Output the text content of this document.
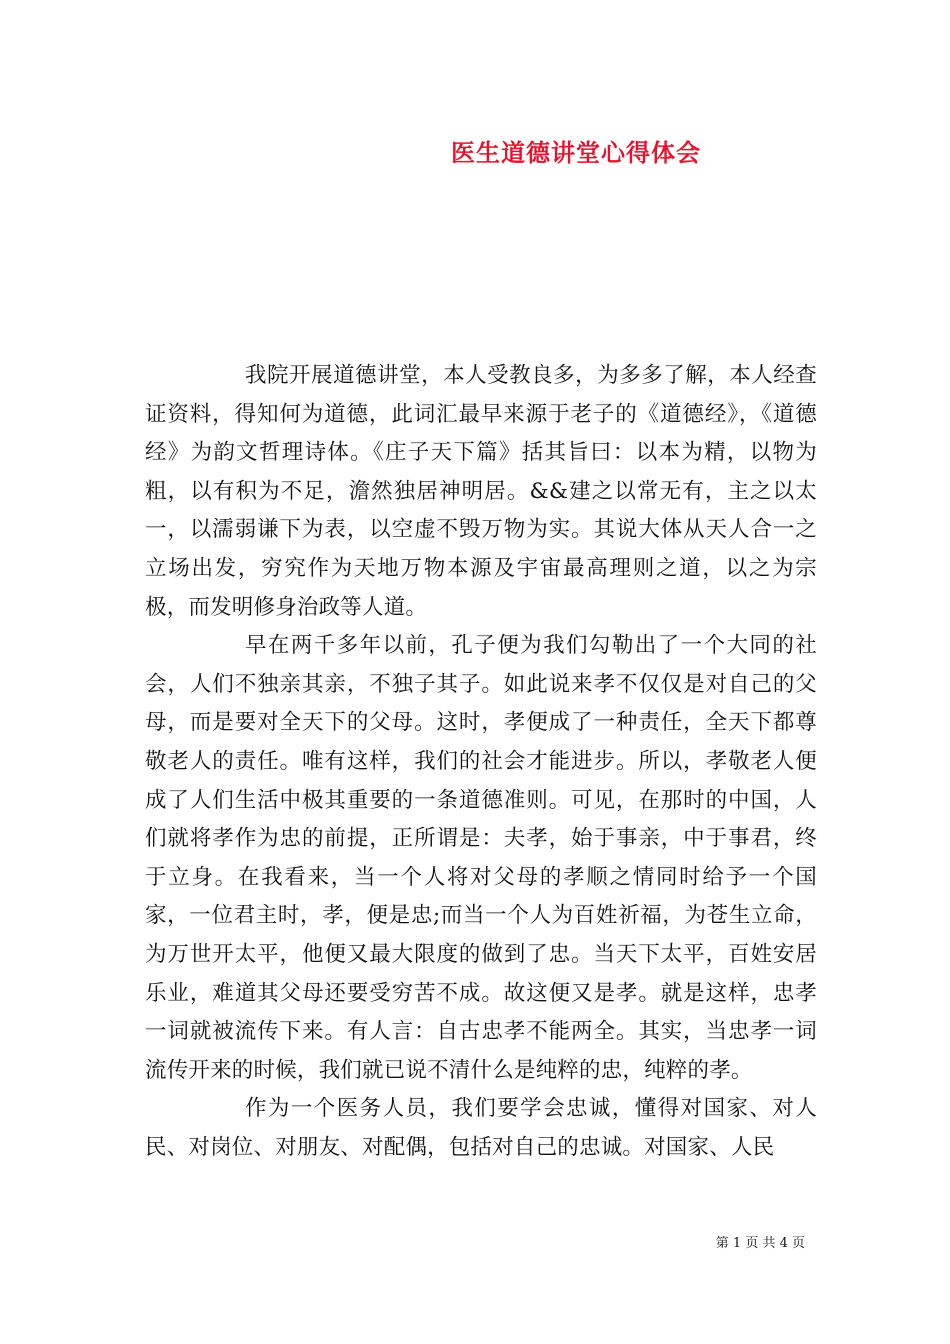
医生道德讲堂心得体会

我院开展道德讲堂，本人受教良多，为多多了解，本人经查证资料，得知何为道德，此词汇最早来源于老子的《道德经》，《道德经》为韵文哲理诗体。《庄子天下篇》括其旨曰：以本为精，以物为粗，以有积为不足，澹然独居神明居。&&建之以常无有，主之以太一，以濡弱谦下为表，以空虚不毁万物为实。其说大体从天人合一之立场出发，穷究作为天地万物本源及宇宙最高理则之道，以之为宗极，而发明修身治政等人道。

早在两千多年以前，孔子便为我们勾勒出了一个大同的社会，人们不独亲其亲，不独子其子。如此说来孝不仅仅是对自己的父母，而是要对全天下的父母。这时，孝便成了一种责任，全天下都尊敬老人的责任。唯有这样，我们的社会才能进步。所以，孝敬老人便成了人们生活中极其重要的一条道德准则。可见，在那时的中国，人们就将孝作为忠的前提，正所谓是：夫孝，始于事亲，中于事君，终于立身。在我看来，当一个人将对父母的孝顺之情同时给予一个国家，一位君主时，孝，便是忠;而当一个人为百姓祈福，为苍生立命，为万世开太平，他便又最大限度的做到了忠。当天下太平，百姓安居乐业，难道其父母还要受穷苦不成。故这便又是孝。就是这样，忠孝一词就被流传下来。有人言：自古忠孝不能两全。其实，当忠孝一词流传开来的时候，我们就已说不清什么是纯粹的忠，纯粹的孝。

作为一个医务人员，我们要学会忠诚，懂得对国家、对人民、对岗位、对朋友、对配偶，包括对自己的忠诚。对国家、人民

第 1 页 共 4 页
